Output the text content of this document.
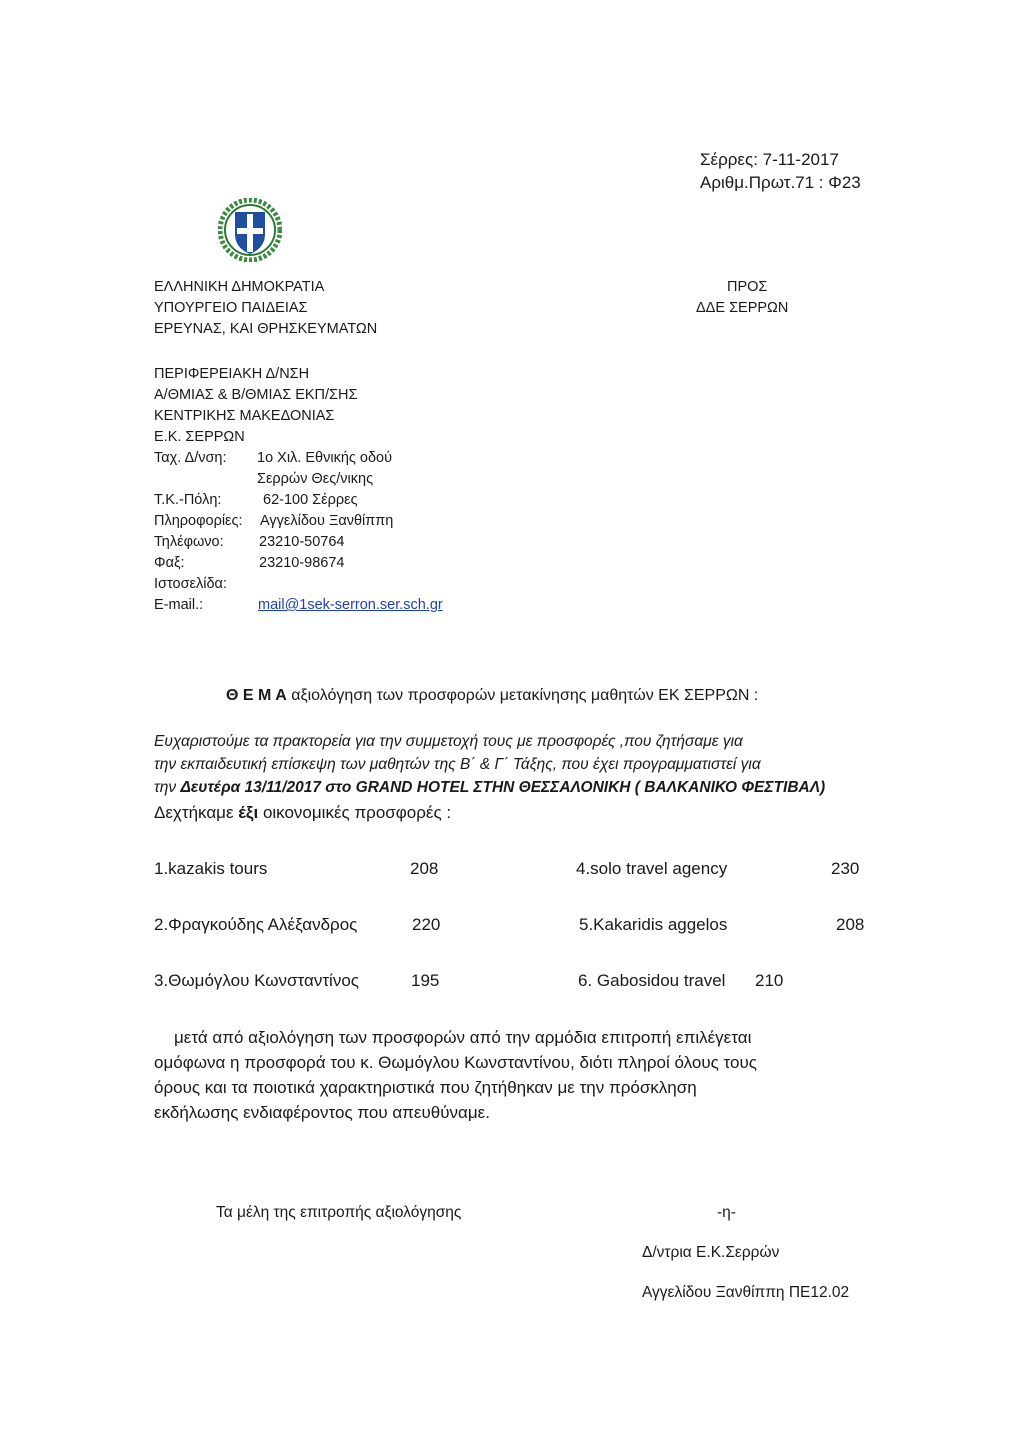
Σέρρες: 7-11-2017
Αριθμ.Πρωτ.71 : Φ23
ΕΛΛΗΝΙΚΗ ΔΗΜΟΚΡΑΤΙΑ
ΥΠΟΥΡΓΕΙΟ ΠΑΙΔΕΙΑΣ
ΕΡΕΥΝΑΣ, ΚΑΙ ΘΡΗΣΚΕΥΜΑΤΩΝ
ΠΡΟΣ
ΔΔΕ ΣΕΡΡΩΝ
ΠΕΡΙΦΕΡΕΙΑΚΗ Δ/ΝΣΗ
Α/ΘΜΙΑΣ & Β/ΘΜΙΑΣ ΕΚΠ/ΣΗΣ
ΚΕΝΤΡΙΚΗΣ ΜΑΚΕΔΟΝΙΑΣ
Ε.Κ. ΣΕΡΡΩΝ
Ταχ. Δ/νση: 1ο Χιλ. Εθνικής οδού
Σερρών Θες/νικης
Τ.Κ.-Πόλη:	62-100 Σέρρες
Πληροφορίες: Αγγελίδου Ξανθίππη
Τηλέφωνο: 23210-50764
Φαξ:	23210-98674
Ιστοσελίδα:
E-mail.:	mail@1sek-serron.ser.sch.gr
Θ Ε Μ Α αξιολόγηση των προσφορών μετακίνησης μαθητών ΕΚ ΣΕΡΡΩΝ :
Ευχαριστούμε τα πρακτορεία για την συμμετοχή τους με προσφορές ,που ζητήσαμε για
την εκπαιδευτική επίσκεψη των μαθητών της Β΄ & Γ΄ Τάξης, που έχει προγραμματιστεί για
την Δευτέρα 13/11/2017 στο GRAND HOTEL ΣΤΗΝ ΘΕΣΣΑΛΟΝΙΚΗ ( ΒΑΛΚΑΝΙΚΟ ΦΕΣΤΙΒΑΛ)
Δεχτήκαμε έξι οικονομικές προσφορές :
1.kazakis tours	208	4.solo travel agency	230
2.Φραγκούδης Αλέξανδρος	220	5.Kakaridis aggelos	208
3.Θωμόγλου Κωνσταντίνος	195	6. Gabosidou travel 210
μετά από αξιολόγηση των προσφορών από την αρμόδια επιτροπή επιλέγεται
ομόφωνα η προσφορά του κ. Θωμόγλου Κωνσταντίνου, διότι πληροί όλους τους
όρους και τα ποιοτικά χαρακτηριστικά που ζητήθηκαν με την πρόσκληση
εκδήλωσης ενδιαφέροντος που απευθύναμε.
Τα μέλη της επιτροπής αξιολόγησης	-η-
Δ/ντρια Ε.Κ.Σερρών
Αγγελίδου Ξανθίππη ΠΕ12.02
